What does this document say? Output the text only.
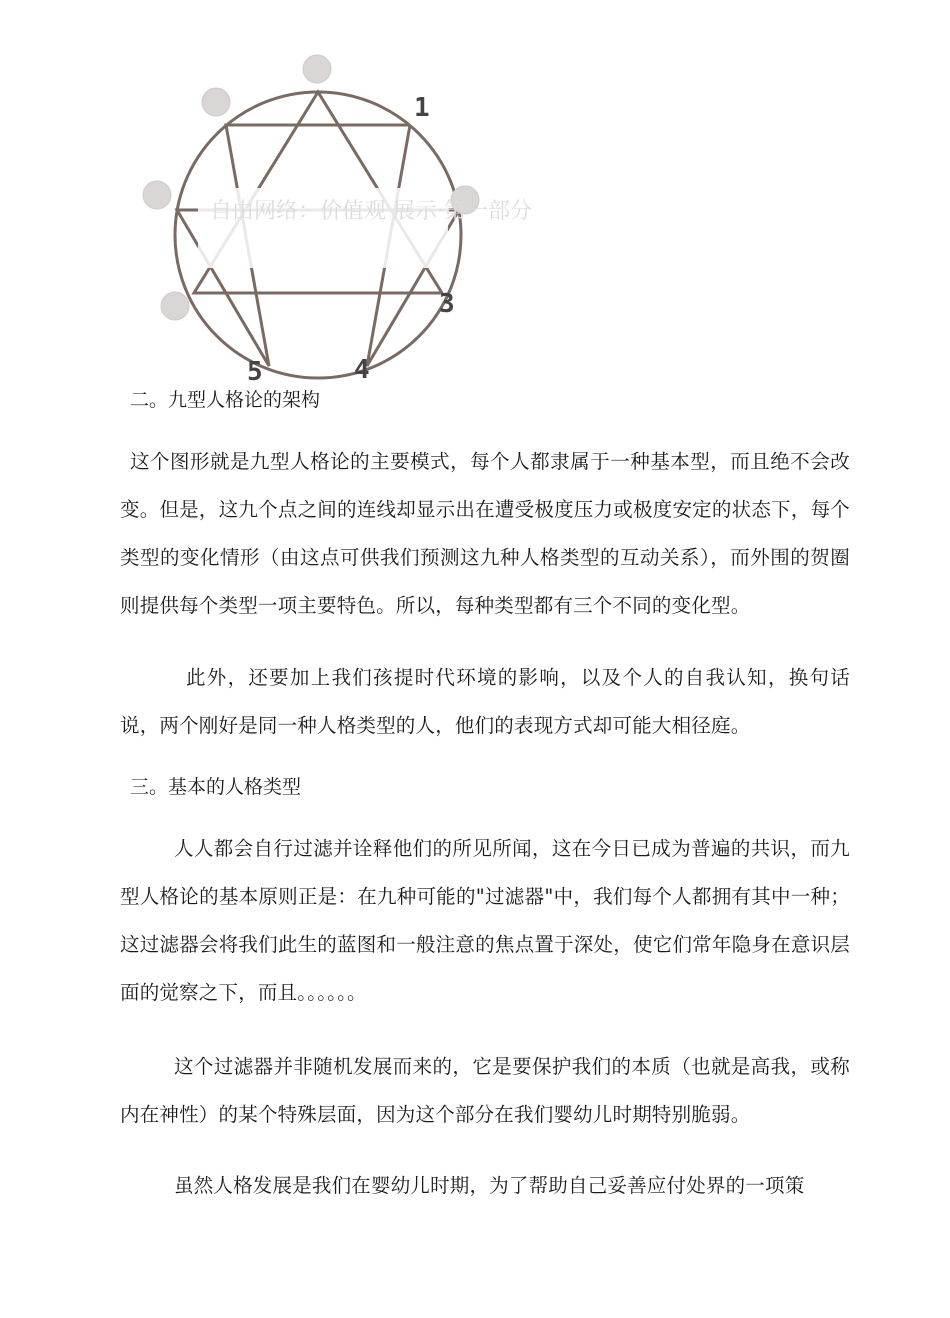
自由网络：价值观 展示·第一部分
1
3
4
5
二。九型人格论的架构

这个图形就是九型人格论的主要模式，每个人都隶属于一种基本型，而且绝不会改变。但是，这九个点之间的连线却显示出在遭受极度压力或极度安定的状态下，每个类型的变化情形（由这点可供我们预测这九种人格类型的互动关系），而外围的贺圈则提供每个类型一项主要特色。所以，每种类型都有三个不同的变化型。

此外，还要加上我们孩提时代环境的影响，以及个人的自我认知，换句话说，两个刚好是同一种人格类型的人，他们的表现方式却可能大相径庭。

三。基本的人格类型

人人都会自行过滤并诠释他们的所见所闻，这在今日已成为普遍的共识，而九型人格论的基本原则正是：在九种可能的"过滤器"中，我们每个人都拥有其中一种；这过滤器会将我们此生的蓝图和一般注意的焦点置于深处，使它们常年隐身在意识层面的觉察之下，而且。。。。。。

这个过滤器并非随机发展而来的，它是要保护我们的本质（也就是高我，或称内在神性）的某个特殊层面，因为这个部分在我们婴幼儿时期特别脆弱。

虽然人格发展是我们在婴幼儿时期，为了帮助自己妥善应付处界的一项策
